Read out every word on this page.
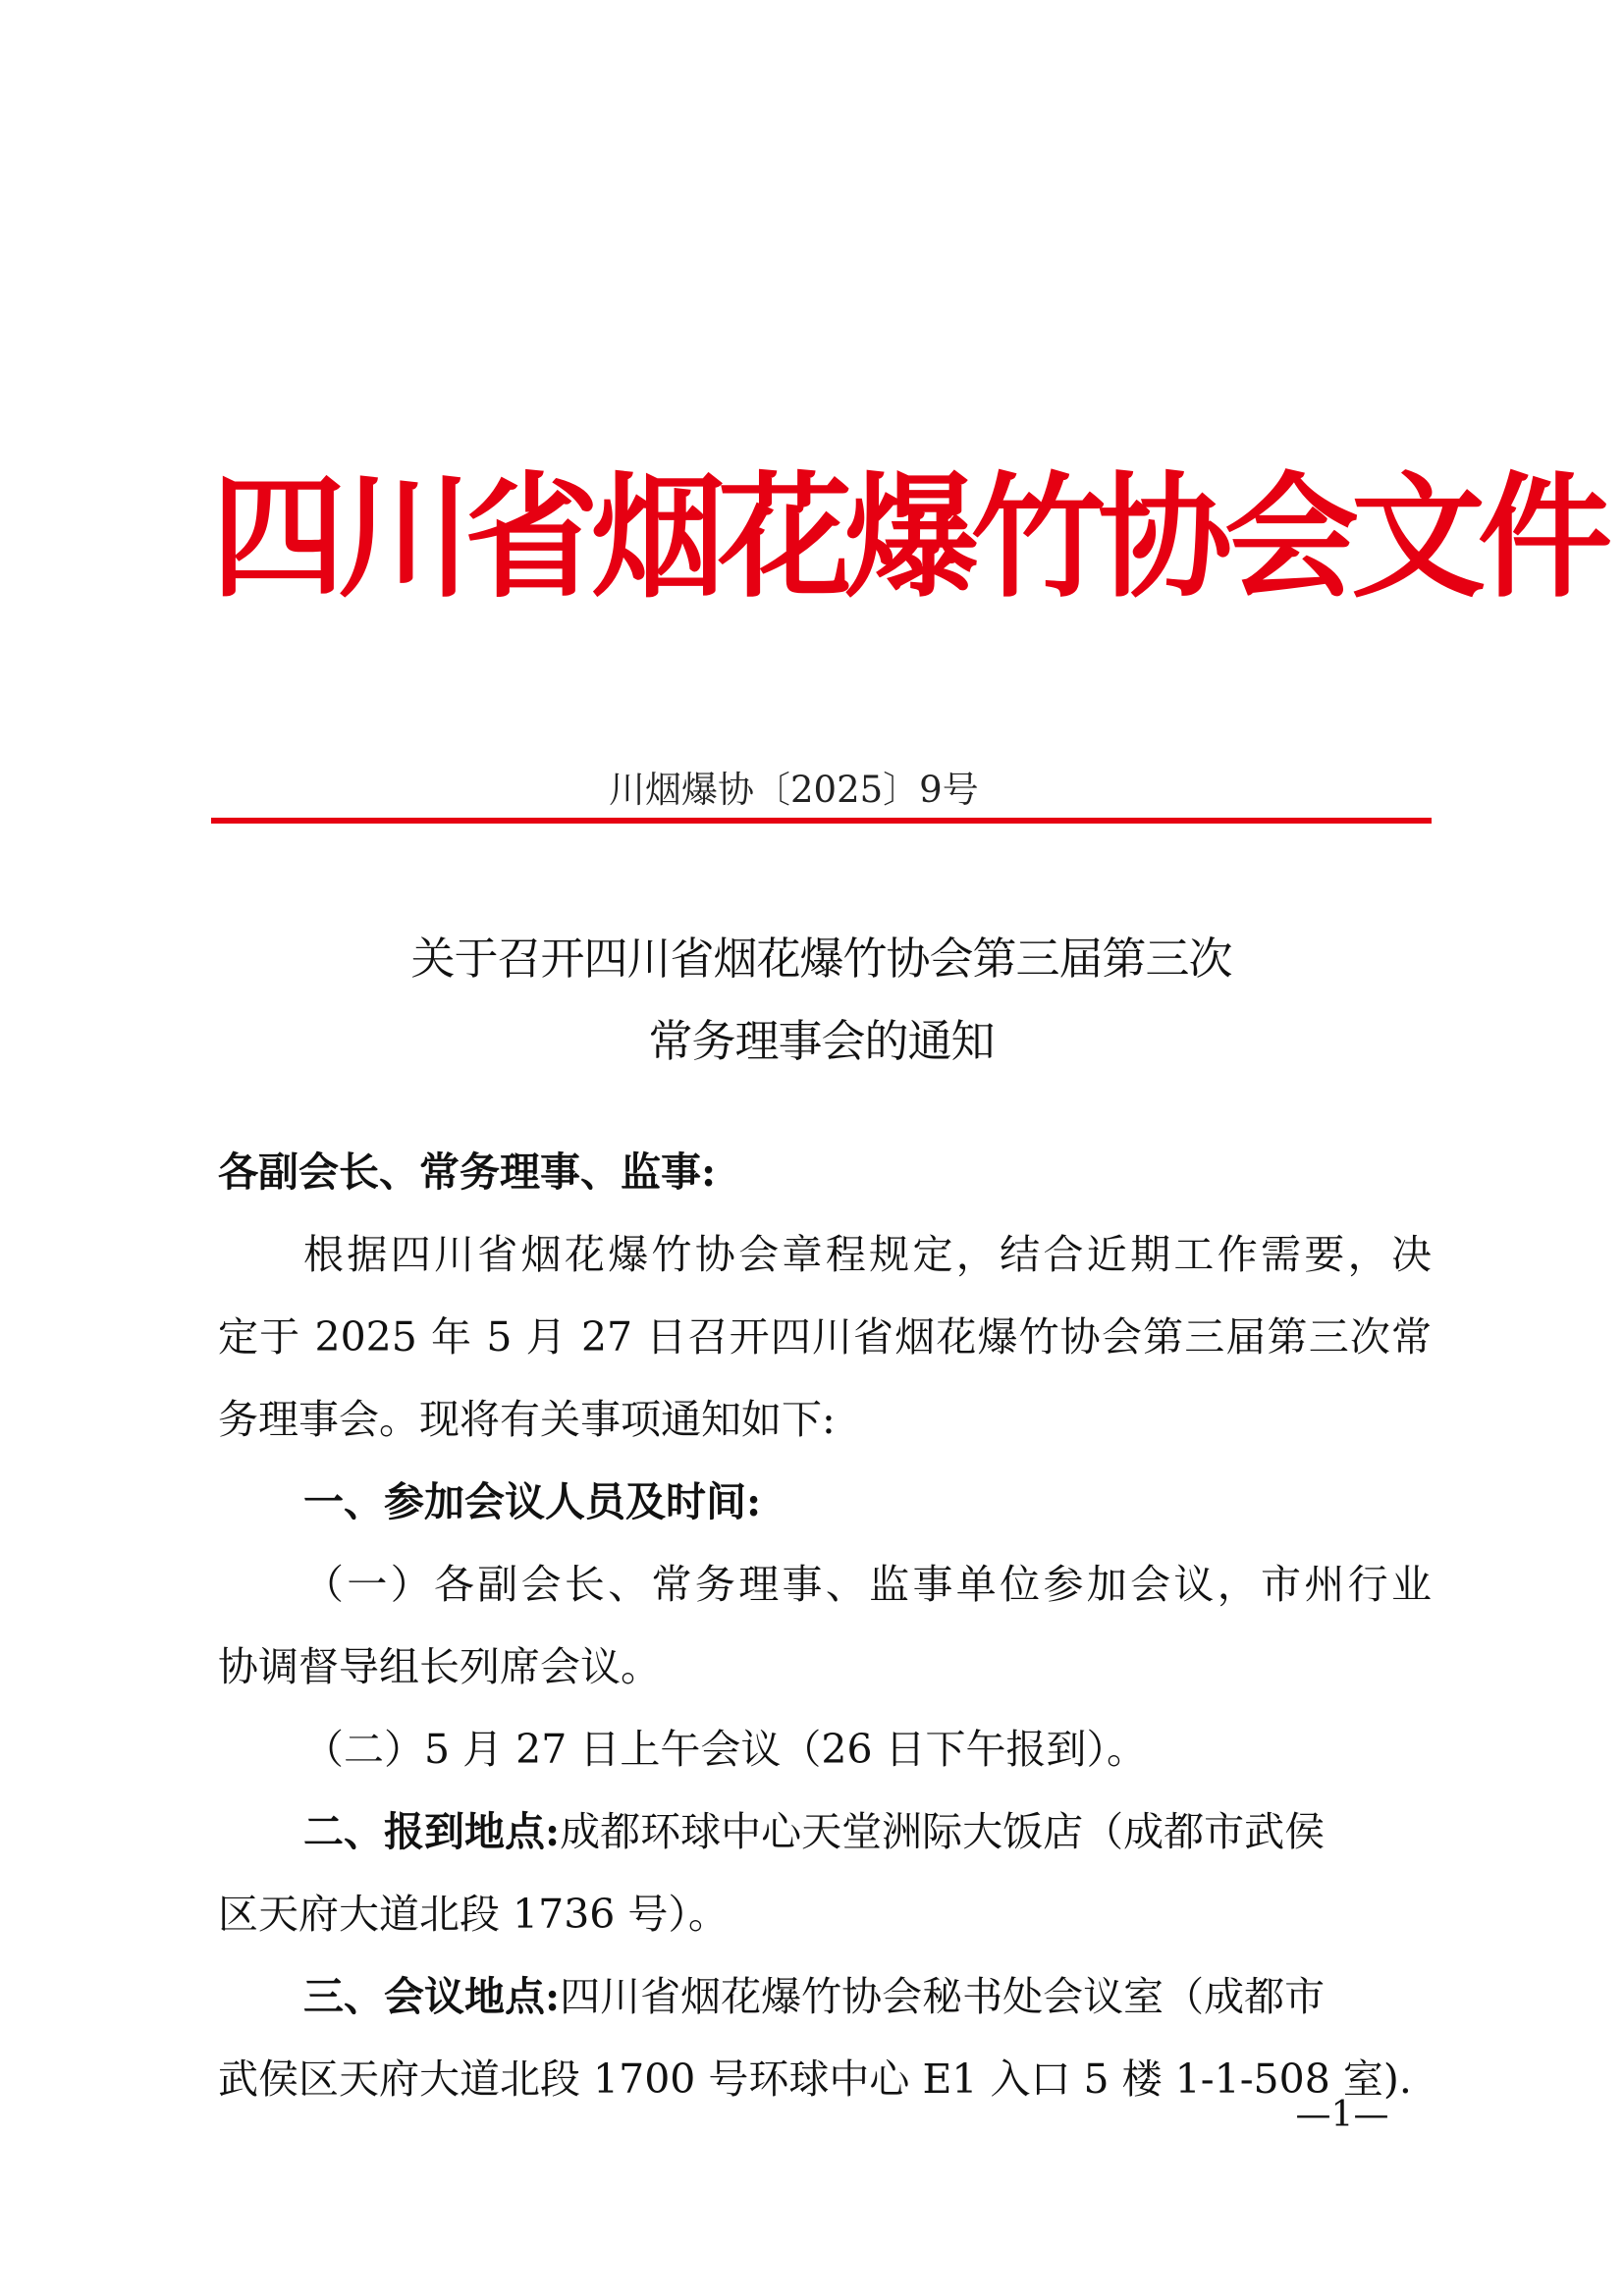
四川省烟花爆竹协会文件
川烟爆协〔2025〕9号
关于召开四川省烟花爆竹协会第三届第三次
常务理事会的通知
各副会长、常务理事、监事:
根据四川省烟花爆竹协会章程规定，结合近期工作需要，决
定于 2025 年 5 月 27 日召开四川省烟花爆竹协会第三届第三次常
务理事会。现将有关事项通知如下:
一、参加会议人员及时间:
（一）各副会长、常务理事、监事单位参加会议，市州行业
协调督导组长列席会议。
（二）5 月 27 日上午会议（26 日下午报到）。
二、报到地点:成都环球中心天堂洲际大饭店（成都市武侯
区天府大道北段 1736 号）。
三、会议地点:四川省烟花爆竹协会秘书处会议室（成都市
武侯区天府大道北段 1700 号环球中心 E1 入口 5 楼 1-1-508 室).
—1—
